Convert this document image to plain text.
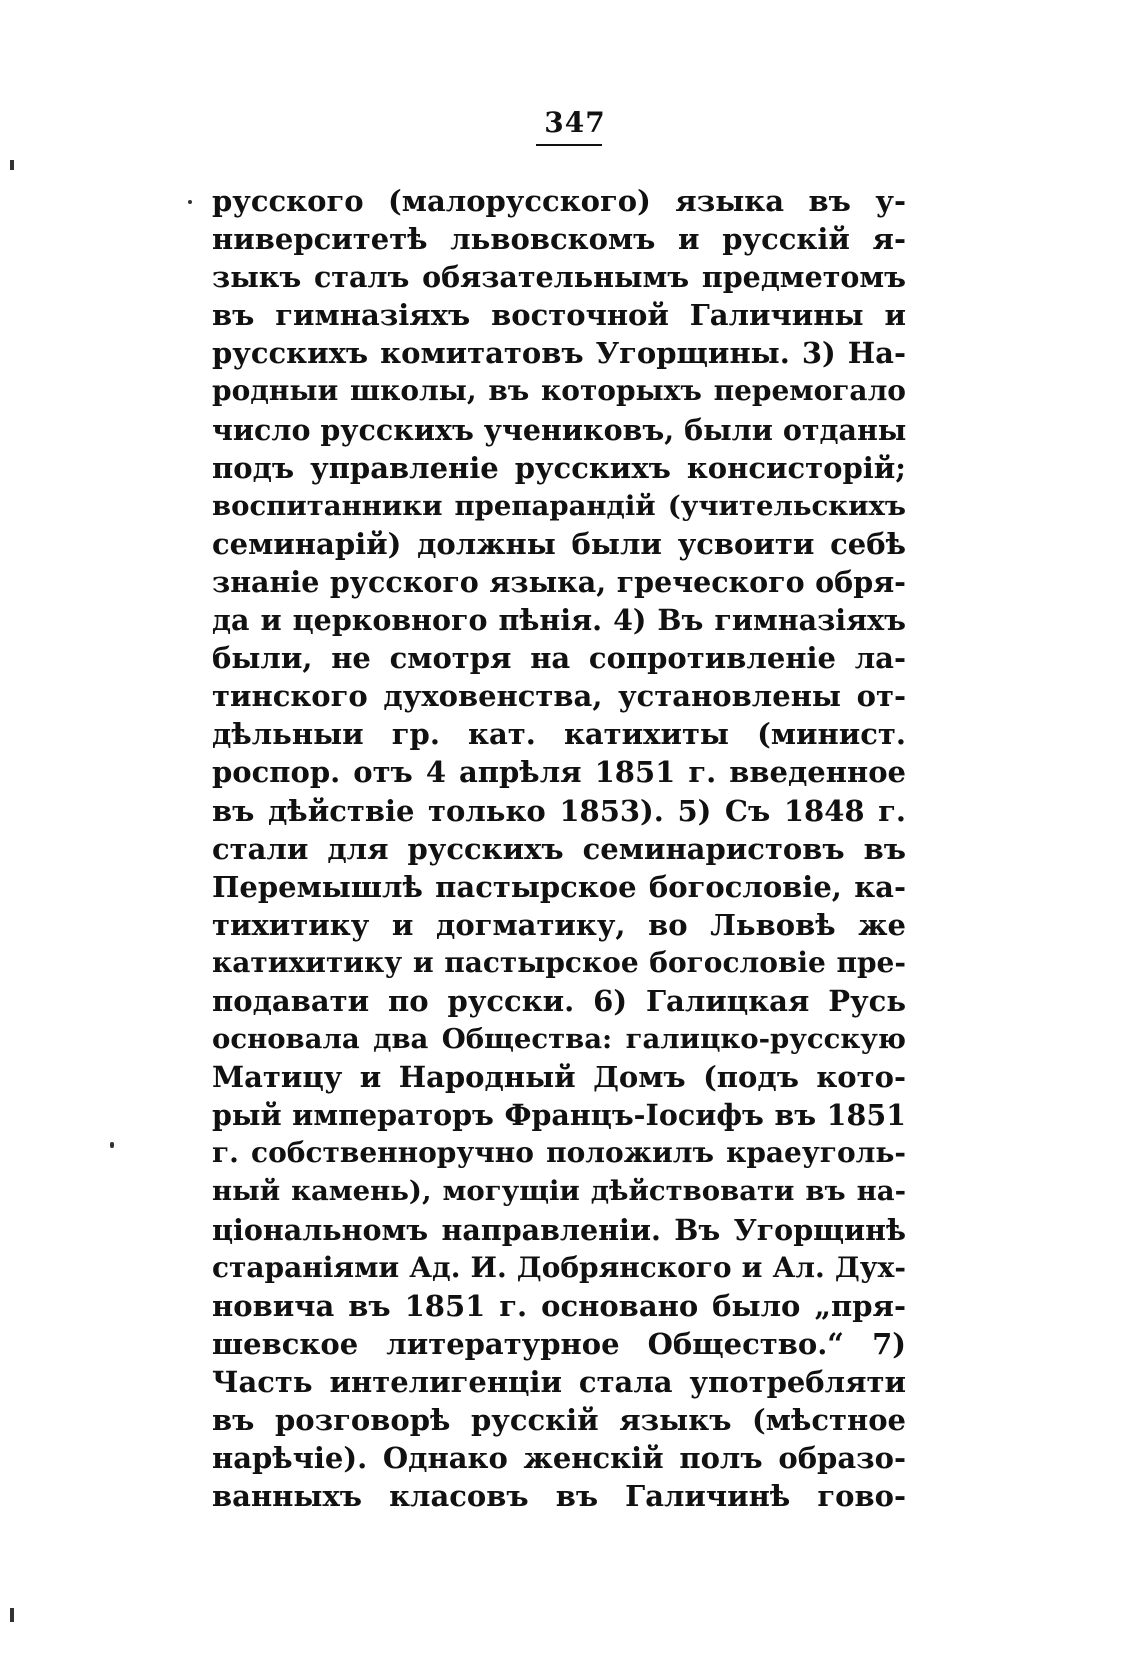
347
русского (малорусского) языка въ у-
ниверситетѣ львовскомъ и русскій я-
зыкъ сталъ обязательнымъ предметомъ
въ гимназіяхъ восточной Галичины и
русскихъ комитатовъ Угорщины. 3) На-
родныи школы, въ которыхъ перемогало
число русскихъ учениковъ, были отданы
подъ управленіе русскихъ консисторій;
воспитанники препарандій (учительскихъ
семинарій) должны были усвоити себѣ
знаніе русского языка, греческого обря-
да и церковного пѣнія. 4) Въ гимназіяхъ
были, не смотря на сопротивленіе ла-
тинского духовенства, установлены от-
дѣльныи гр. кат. катихиты (минист.
роспор. отъ 4 апрѣля 1851 г. введенное
въ дѣйствіе только 1853). 5) Съ 1848 г.
стали для русскихъ семинаристовъ въ
Перемышлѣ пастырское богословіе, ка-
тихитику и догматику, во Львовѣ же
катихитику и пастырское богословіе пре-
подавати по русски. 6) Галицкая Русь
основала два Общества: галицко-русскую
Матицу и Народный Домъ (подъ кото-
рый императоръ Францъ-Іосифъ въ 1851
г. собственноручно положилъ краеуголь-
ный камень), могущіи дѣйствовати въ на-
ціональномъ направленіи. Въ Угорщинѣ
стараніями Ад. И. Добрянского и Ал. Дух-
новича въ 1851 г. основано было „пря-
шевское литературное Общество.“ 7)
Часть интелигенціи стала употребляти
въ розговорѣ русскій языкъ (мѣстное
нарѣчіе). Однако женскій полъ образо-
ванныхъ класовъ въ Галичинѣ гово-
